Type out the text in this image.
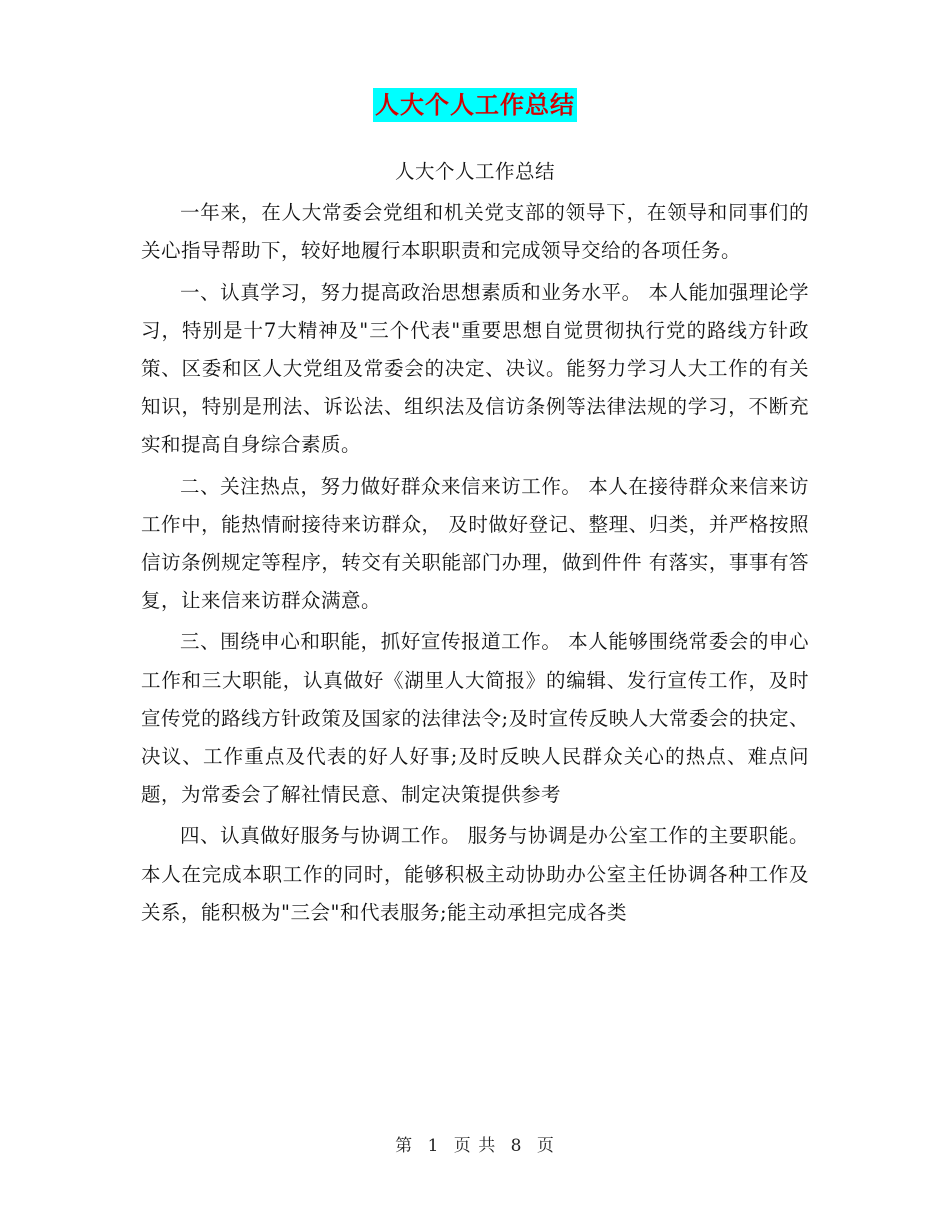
人大个人工作总结
人大个人工作总结

一年来，在人大常委会党组和机关党支部的领导下，在领导和同事们的关心指导帮助下，较好地履行本职职责和完成领导交给的各项任务。

一、认真学习，努力提高政治思想素质和业务水平。 本人能加强理论学习，特别是十7大精神及"三个代表"重要思想自觉贯彻执行党的路线方针政策、区委和区人大党组及常委会的决定、决议。能努力学习人大工作的有关知识，特别是刑法、诉讼法、组织法及信访条例等法律法规的学习，不断充实和提高自身综合素质。

二、关注热点，努力做好群众来信来访工作。 本人在接待群众来信来访工作中，能热情耐接待来访群众， 及时做好登记、整理、归类，并严格按照信访条例规定等程序，转交有关职能部门办理，做到件件 有落实，事事有答复，让来信来访群众满意。

三、围绕申心和职能，抓好宣传报道工作。 本人能够围绕常委会的申心工作和三大职能，认真做好《湖里人大简报》的编辑、发行宣传工作，及时宣传党的路线方针政策及国家的法律法令;及时宣传反映人大常委会的抉定、决议、工作重点及代表的好人好事;及时反映人民群众关心的热点、难点问题，为常委会了解社情民意、制定决策提供参考

四、认真做好服务与协调工作。 服务与协调是办公室工作的主要职能。本人在完成本职工作的同时，能够积极主动协助办公室主任协调各种工作及关系，能积极为"三会"和代表服务;能主动承担完成各类

第 1 页 共 8 页
